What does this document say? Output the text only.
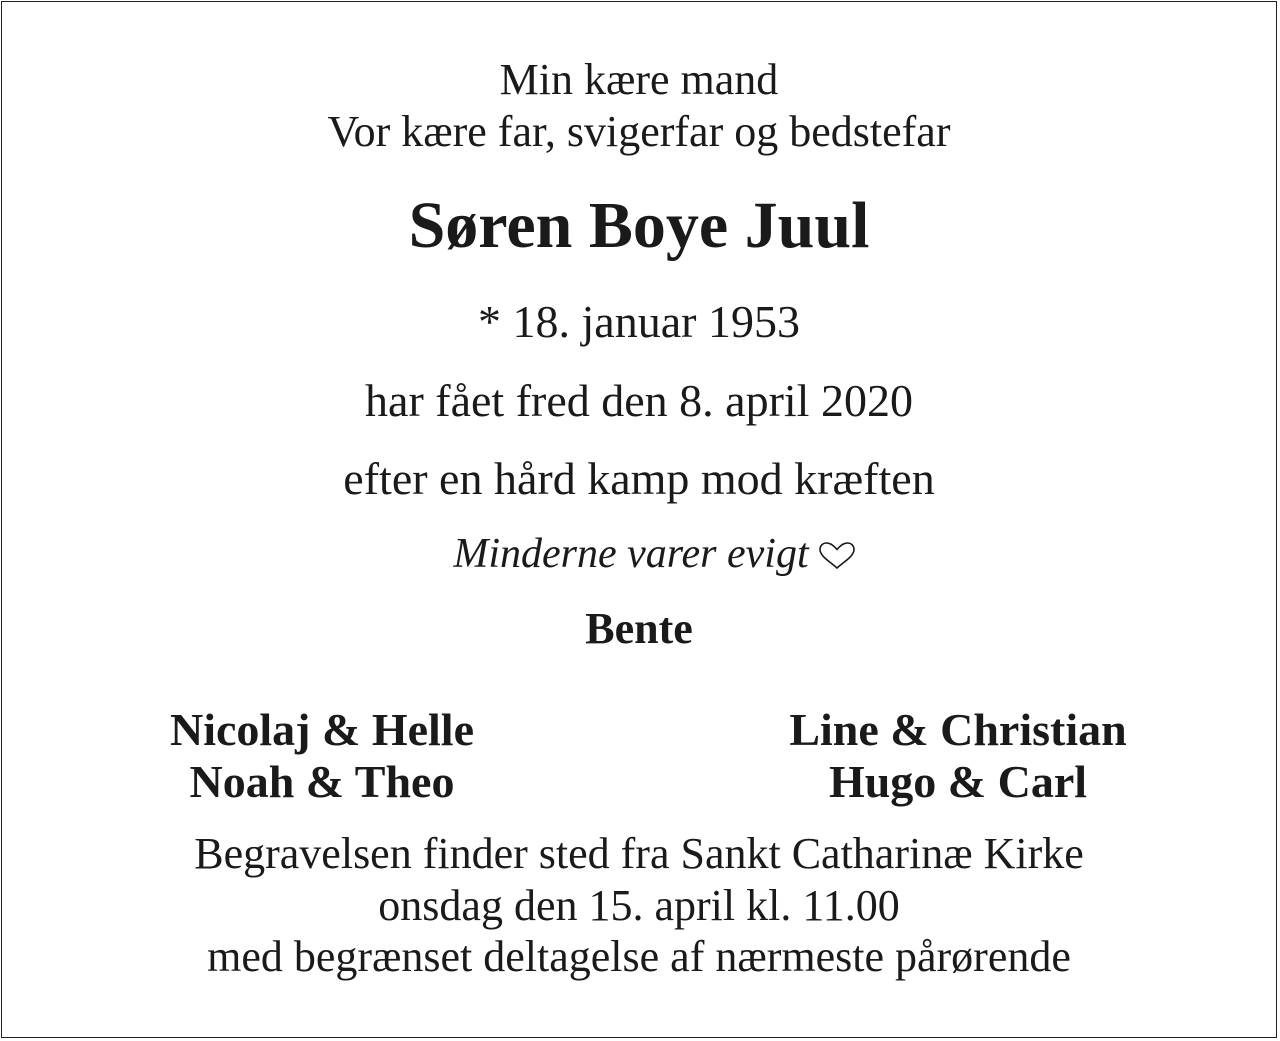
Min kære mand
Vor kære far, svigerfar og bedstefar
Søren Boye Juul
* 18. januar 1953
har fået fred den 8. april 2020
efter en hård kamp mod kræften
Minderne varer evigt
Bente
Nicolaj & Helle
Noah & Theo
Line & Christian
Hugo & Carl
Begravelsen finder sted fra Sankt Catharinæ Kirke
onsdag den 15. april kl. 11.00
med begrænset deltagelse af nærmeste pårørende
